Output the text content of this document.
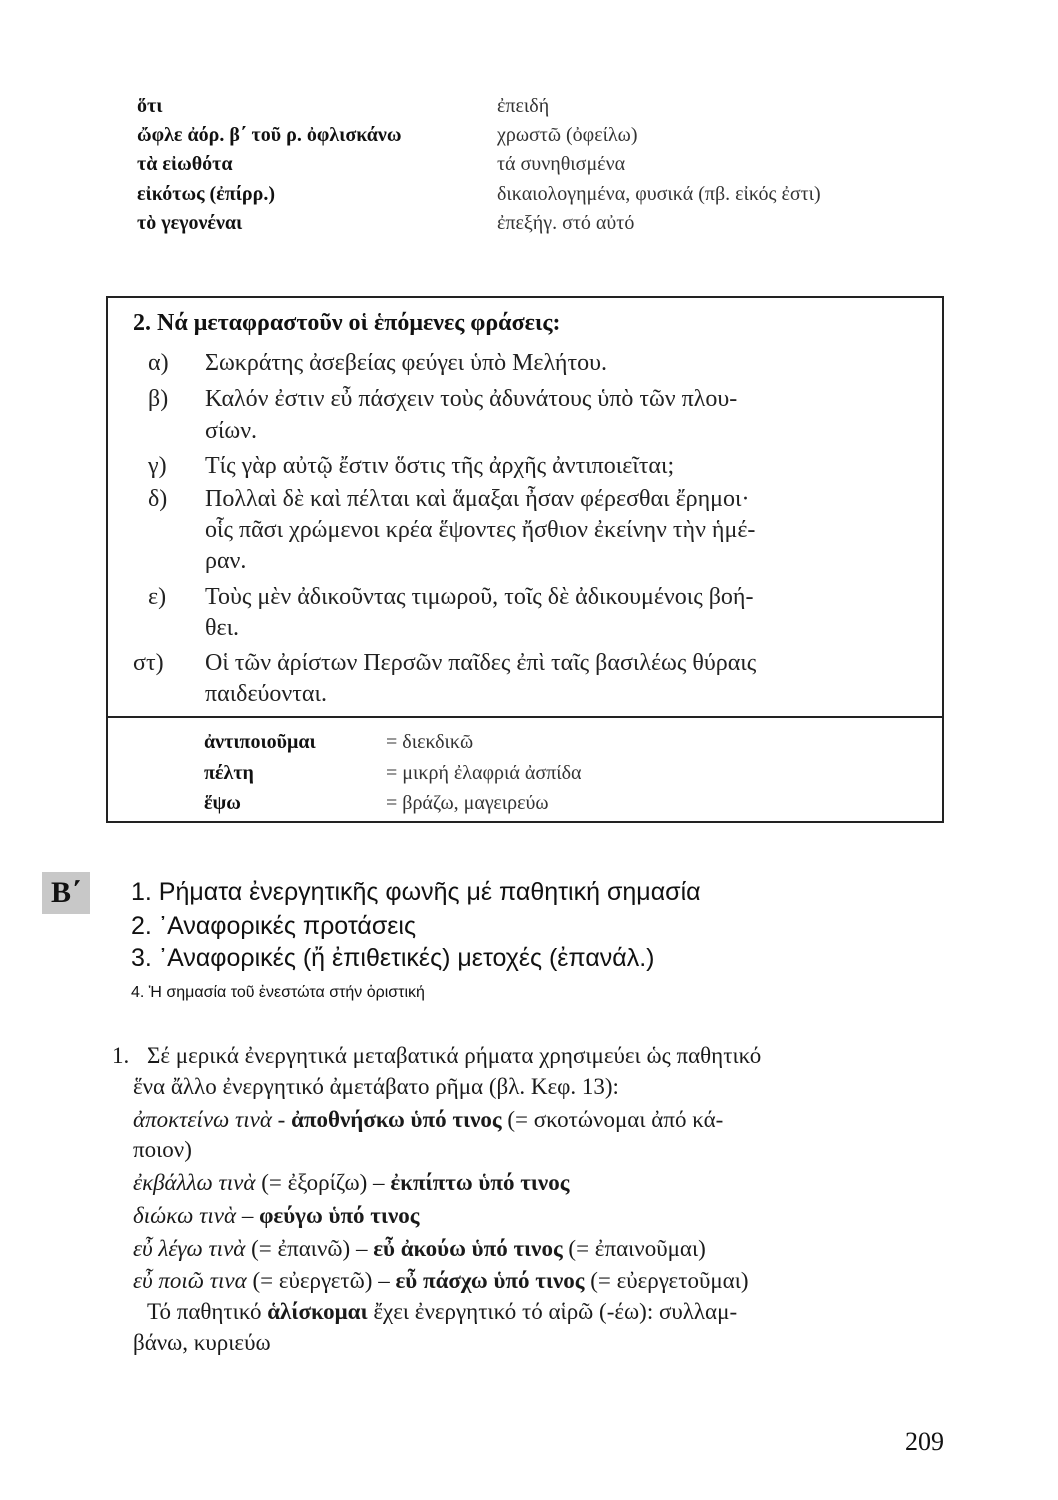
ὅτι	ἐπειδή
ὤφλε ἀόρ. β΄ τοῦ ρ. ὀφλισκάνω	χρωστῶ (ὀφείλω)
τὰ εἰωθότα	τά συνηθισμένα
εἰκότως (ἐπίρρ.)	δικαιολογημένα, φυσικά (πβ. εἰκός ἐστι)
τὸ γεγονέναι	ἐπεξήγ. στό αὐτό
2. Νά μεταφραστοῦν οἱ ἑπόμενες φράσεις:
α) Σωκράτης ἀσεβείας φεύγει ὑπὸ Μελήτου.
β) Καλόν ἐστιν εὖ πάσχειν τοὺς ἀδυνάτους ὑπὸ τῶν πλου-
σίων.
γ) Τίς γὰρ αὐτῷ ἔστιν ὅστις τῆς ἀρχῆς ἀντιποιεῖται;
δ) Πολλαὶ δὲ καὶ πέλται καὶ ἅμαξαι ἦσαν φέρεσθαι ἔρημοι·
οἷς πᾶσι χρώμενοι κρέα ἕψοντες ἤσθιον ἐκείνην τὴν ἡμέ-
ραν.
ε) Τοὺς μὲν ἀδικοῦντας τιμωροῦ, τοῖς δὲ ἀδικουμένοις βοή-
θει.
στ) Οἱ τῶν ἀρίστων Περσῶν παῖδες ἐπὶ ταῖς βασιλέως θύραις
παιδεύονται.
ἀντιποιοῦμαι	= διεκδικῶ
πέλτη	= μικρή ἐλαφριά ἀσπίδα
ἕψω	= βράζω, μαγειρεύω
Β΄	1. Ρήματα ἐνεργητικῆς φωνῆς μέ παθητική σημασία
2. ᾿Αναφορικές προτάσεις
3. ᾿Αναφορικές (ἤ ἐπιθετικές) μετοχές (ἐπανάλ.)
4. Ἡ σημασία τοῦ ἐνεστώτα στήν ὁριστική
1. Σέ μερικά ἐνεργητικά μεταβατικά ρήματα χρησιμεύει ὡς παθητικό
ἕνα ἄλλο ἐνεργητικό ἀμετάβατο ρῆμα (βλ. Κεφ. 13):
ἀποκτείνω τινὰ - ἀποθνήσκω ὑπό τινος (= σκοτώνομαι ἀπό κά-
ποιον)
ἐκβάλλω τινὰ (= ἐξορίζω) – ἐκπίπτω ὑπό τινος
διώκω τινὰ – φεύγω ὑπό τινος
εὖ λέγω τινὰ (= ἐπαινῶ) – εὖ ἀκούω ὑπό τινος (= ἐπαινοῦμαι)
εὖ ποιῶ τινα (= εὐεργετῶ) – εὖ πάσχω ὑπό τινος (= εὐεργετοῦμαι)
Τό παθητικό ἁλίσκομαι ἔχει ἐνεργητικό τό αἱρῶ (-έω): συλλαμ-
βάνω, κυριεύω
209
